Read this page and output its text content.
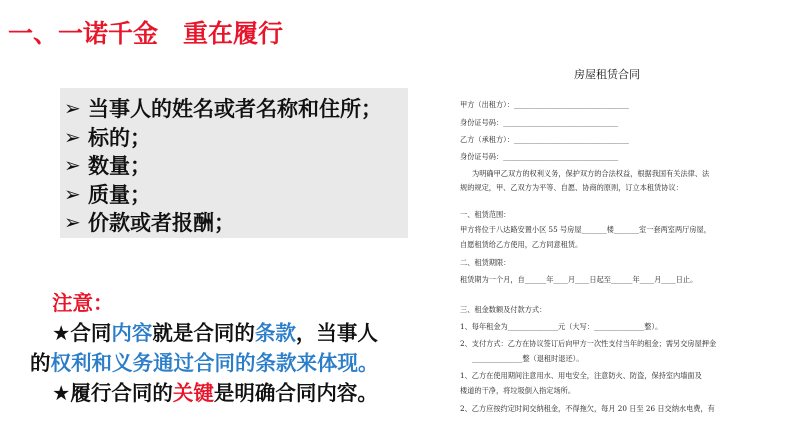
一、一诺千金　重在履行
➢ 当事人的姓名或者名称和住所；
➢ 标的；
➢ 数量；
➢ 质量；
➢ 价款或者报酬；
注意：
★合同内容就是合同的条款，当事人
的权利和义务通过合同的条款来体现。
★履行合同的关键是明确合同内容。
房屋租赁合同
甲方（出租方）：________________________________
身份证号码：________________________________
乙方（承租方）：________________________________
身份证号码：________________________________
为明确甲乙双方的权利义务，保护双方的合法权益，根据我国有关法律、法
规的规定，甲、乙双方为平等、自愿、协商的原则，订立本租赁协议：
一、租赁范围：
甲方将位于八达路安置小区 55 号房屋_______楼_______室一套两室两厅房屋，
自愿租赁给乙方使用，乙方同意租赁。
二、租赁期限：
租赁期为一个月，自______年____月____日起至______年____月____日止。
三、租金数额及付款方式：
1、每年租金为______________元（大写：______________整）。
2、支付方式：乙方在协议签订后向甲方一次性支付当年的租金；需另交房屋押金
______________整（退租时退还）。
1、乙方在使用期间注意用水、用电安全，注意防火、防盗，保持室内墙面及
楼道的干净，将垃圾倒入指定场所。
2、乙方应按约定时间交纳租金，不得拖欠，每月 20 日至 26 日交纳水电费，有
